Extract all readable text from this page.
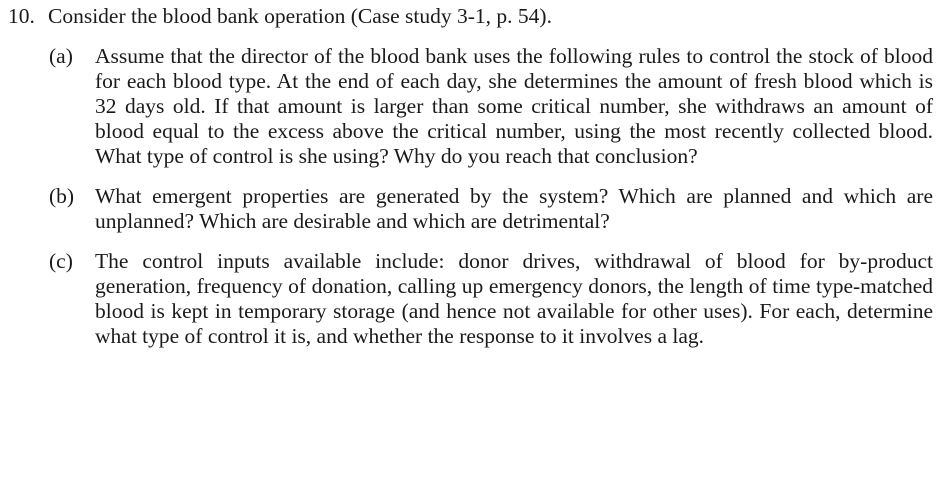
10. Consider the blood bank operation (Case study 3-1, p. 54).
(a)	Assume that the director of the blood bank uses the following rules to control the stock of blood for each blood type. At the end of each day, she determines the amount of fresh blood which is 32 days old. If that amount is larger than some critical number, she withdraws an amount of blood equal to the excess above the critical number, using the most recently collected blood. What type of control is she using? Why do you reach that conclusion?
(b) What emergent properties are generated by the system? Which are planned and which are unplanned? Which are desirable and which are detrimental?
(c)	The control inputs available include: donor drives, withdrawal of blood for by-product generation, frequency of donation, calling up emergency donors, the length of time type-matched blood is kept in temporary storage (and hence not available for other uses). For each, determine what type of control it is, and whether the response to it involves a lag.
